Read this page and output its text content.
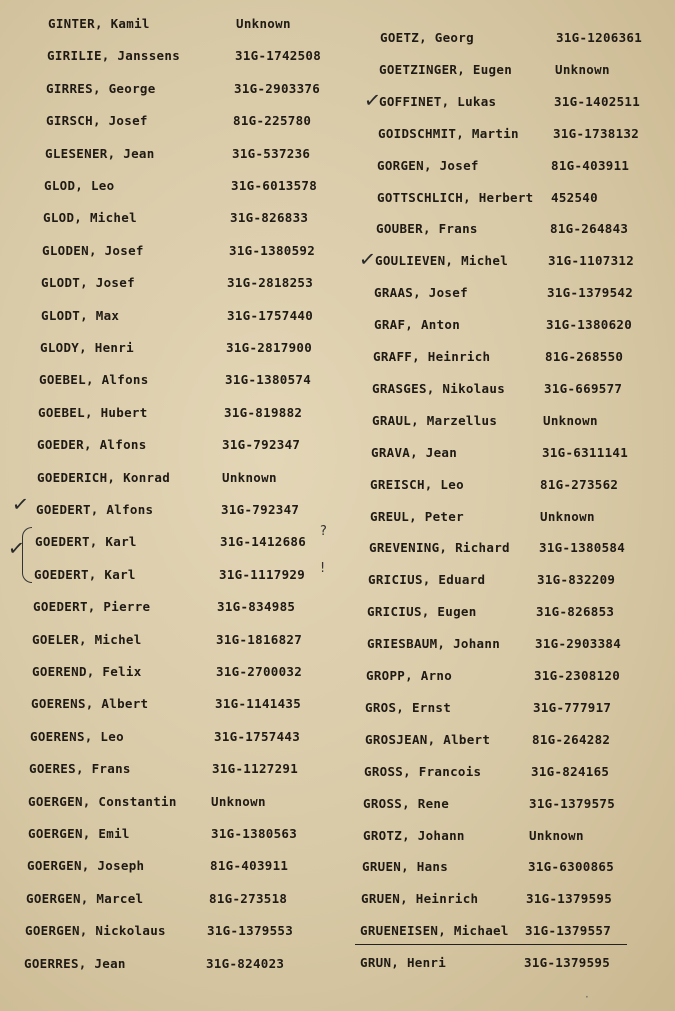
GINTER, Kamil	Unknown
GIRILIE, Janssens	31G-1742508
GIRRES, George	31G-2903376
GIRSCH, Josef	81G-225780
GLESENER, Jean	31G-537236
GLOD, Leo	31G-6013578
GLOD, Michel	31G-826833
GLODEN, Josef	31G-1380592
GLODT, Josef	31G-2818253
GLODT, Max	31G-1757440
GLODY, Henri	31G-2817900
GOEBEL, Alfons	31G-1380574
GOEBEL, Hubert	31G-819882
GOEDER, Alfons	31G-792347
GOEDERICH, Konrad	Unknown
GOEDERT, Alfons	31G-792347
GOEDERT, Karl	31G-1412686
GOEDERT, Karl	31G-1117929
GOEDERT, Pierre	31G-834985
GOELER, Michel	31G-1816827
GOEREND, Felix	31G-2700032
GOERENS, Albert	31G-1141435
GOERENS, Leo	31G-1757443
GOERES, Frans	31G-1127291
GOERGEN, Constantin	Unknown
GOERGEN, Emil	31G-1380563
GOERGEN, Joseph	81G-403911
GOERGEN, Marcel	81G-273518
GOERGEN, Nickolaus	31G-1379553
GOERRES, Jean	31G-824023
GOETZ, Georg	31G-1206361
GOETZINGER, Eugen	Unknown
GOFFINET, Lukas	31G-1402511
GOIDSCHMIT, Martin	31G-1738132
GORGEN, Josef	81G-403911
GOTTSCHLICH, Herbert 452540
GOUBER, Frans	81G-264843
GOULIEVEN, Michel	31G-1107312
GRAAS, Josef	31G-1379542
GRAF, Anton	31G-1380620
GRAFF, Heinrich	81G-268550
GRASGES, Nikolaus	31G-669577
GRAUL, Marzellus	Unknown
GRAVA, Jean	31G-6311141
GREISCH, Leo	81G-273562
GREUL, Peter	Unknown
GREVENING, Richard 31G-1380584
GRICIUS, Eduard	31G-832209
GRICIUS, Eugen	31G-826853
GRIESBAUM, Johann	31G-2903384
GROPP, Arno	31G-2308120
GROS, Ernst	31G-777917
GROSJEAN, Albert	81G-264282
GROSS, Francois	31G-824165
GROSS, Rene	31G-1379575
GROTZ, Johann	Unknown
GRUEN, Hans	31G-6300865
GRUEN, Heinrich	31G-1379595
GRUENEISEN, Michael 31G-1379557
GRUN, Henri	31G-1379595
✓
✓
?
!
✓
✓
·
